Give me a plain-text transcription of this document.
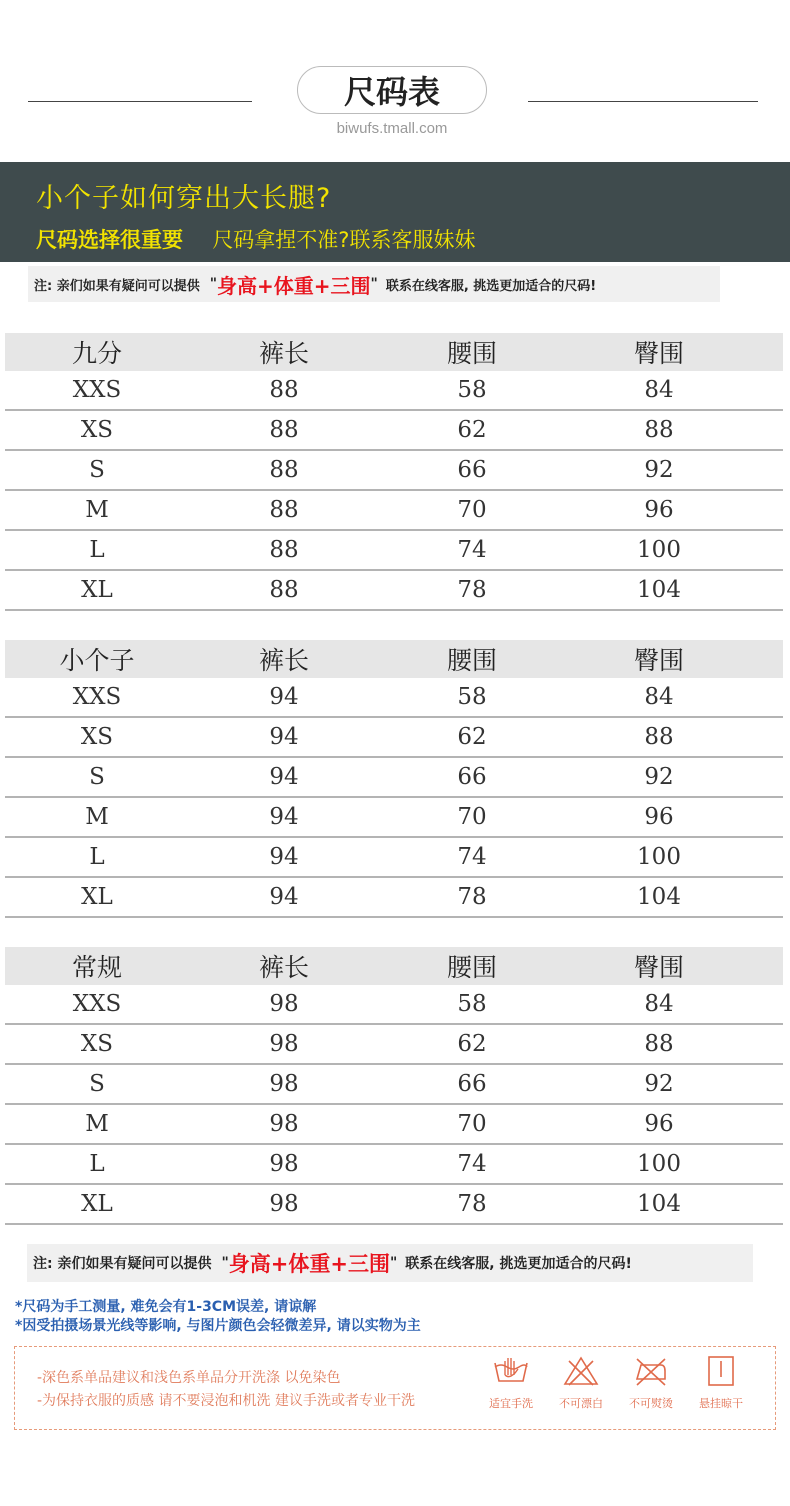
尺码表
biwufs.tmall.com
小个子如何穿出大长腿?
尺码选择很重要 尺码拿捏不准?联系客服妹妹
注: 亲们如果有疑问可以提供 " 身高+体重+三围 " 联系在线客服, 挑选更加适合的尺码!
九分	裤长	腰围	臀围
XXS	88	58	84
XS	88	62	88
S	88	66	92
M	88	70	96
L	88	74	100
XL	88	78	104
小个子	裤长	腰围	臀围
XXS	94	58	84
XS	94	62	88
S	94	66	92
M	94	70	96
L	94	74	100
XL	94	78	104
常规	裤长	腰围	臀围
XXS	98	58	84
XS	98	62	88
S	98	66	92
M	98	70	96
L	98	74	100
XL	98	78	104
注: 亲们如果有疑问可以提供 " 身高+体重+三围 " 联系在线客服, 挑选更加适合的尺码!
*尺码为手工测量, 难免会有1-3CM误差, 请谅解
*因受拍摄场景光线等影响, 与图片颜色会轻微差异, 请以实物为主
-深色系单品建议和浅色系单品分开洗涤 以免染色
-为保持衣服的质感 请不要浸泡和机洗 建议手洗或者专业干洗	适宜手洗	不可漂白	不可熨烫	悬挂晾干
